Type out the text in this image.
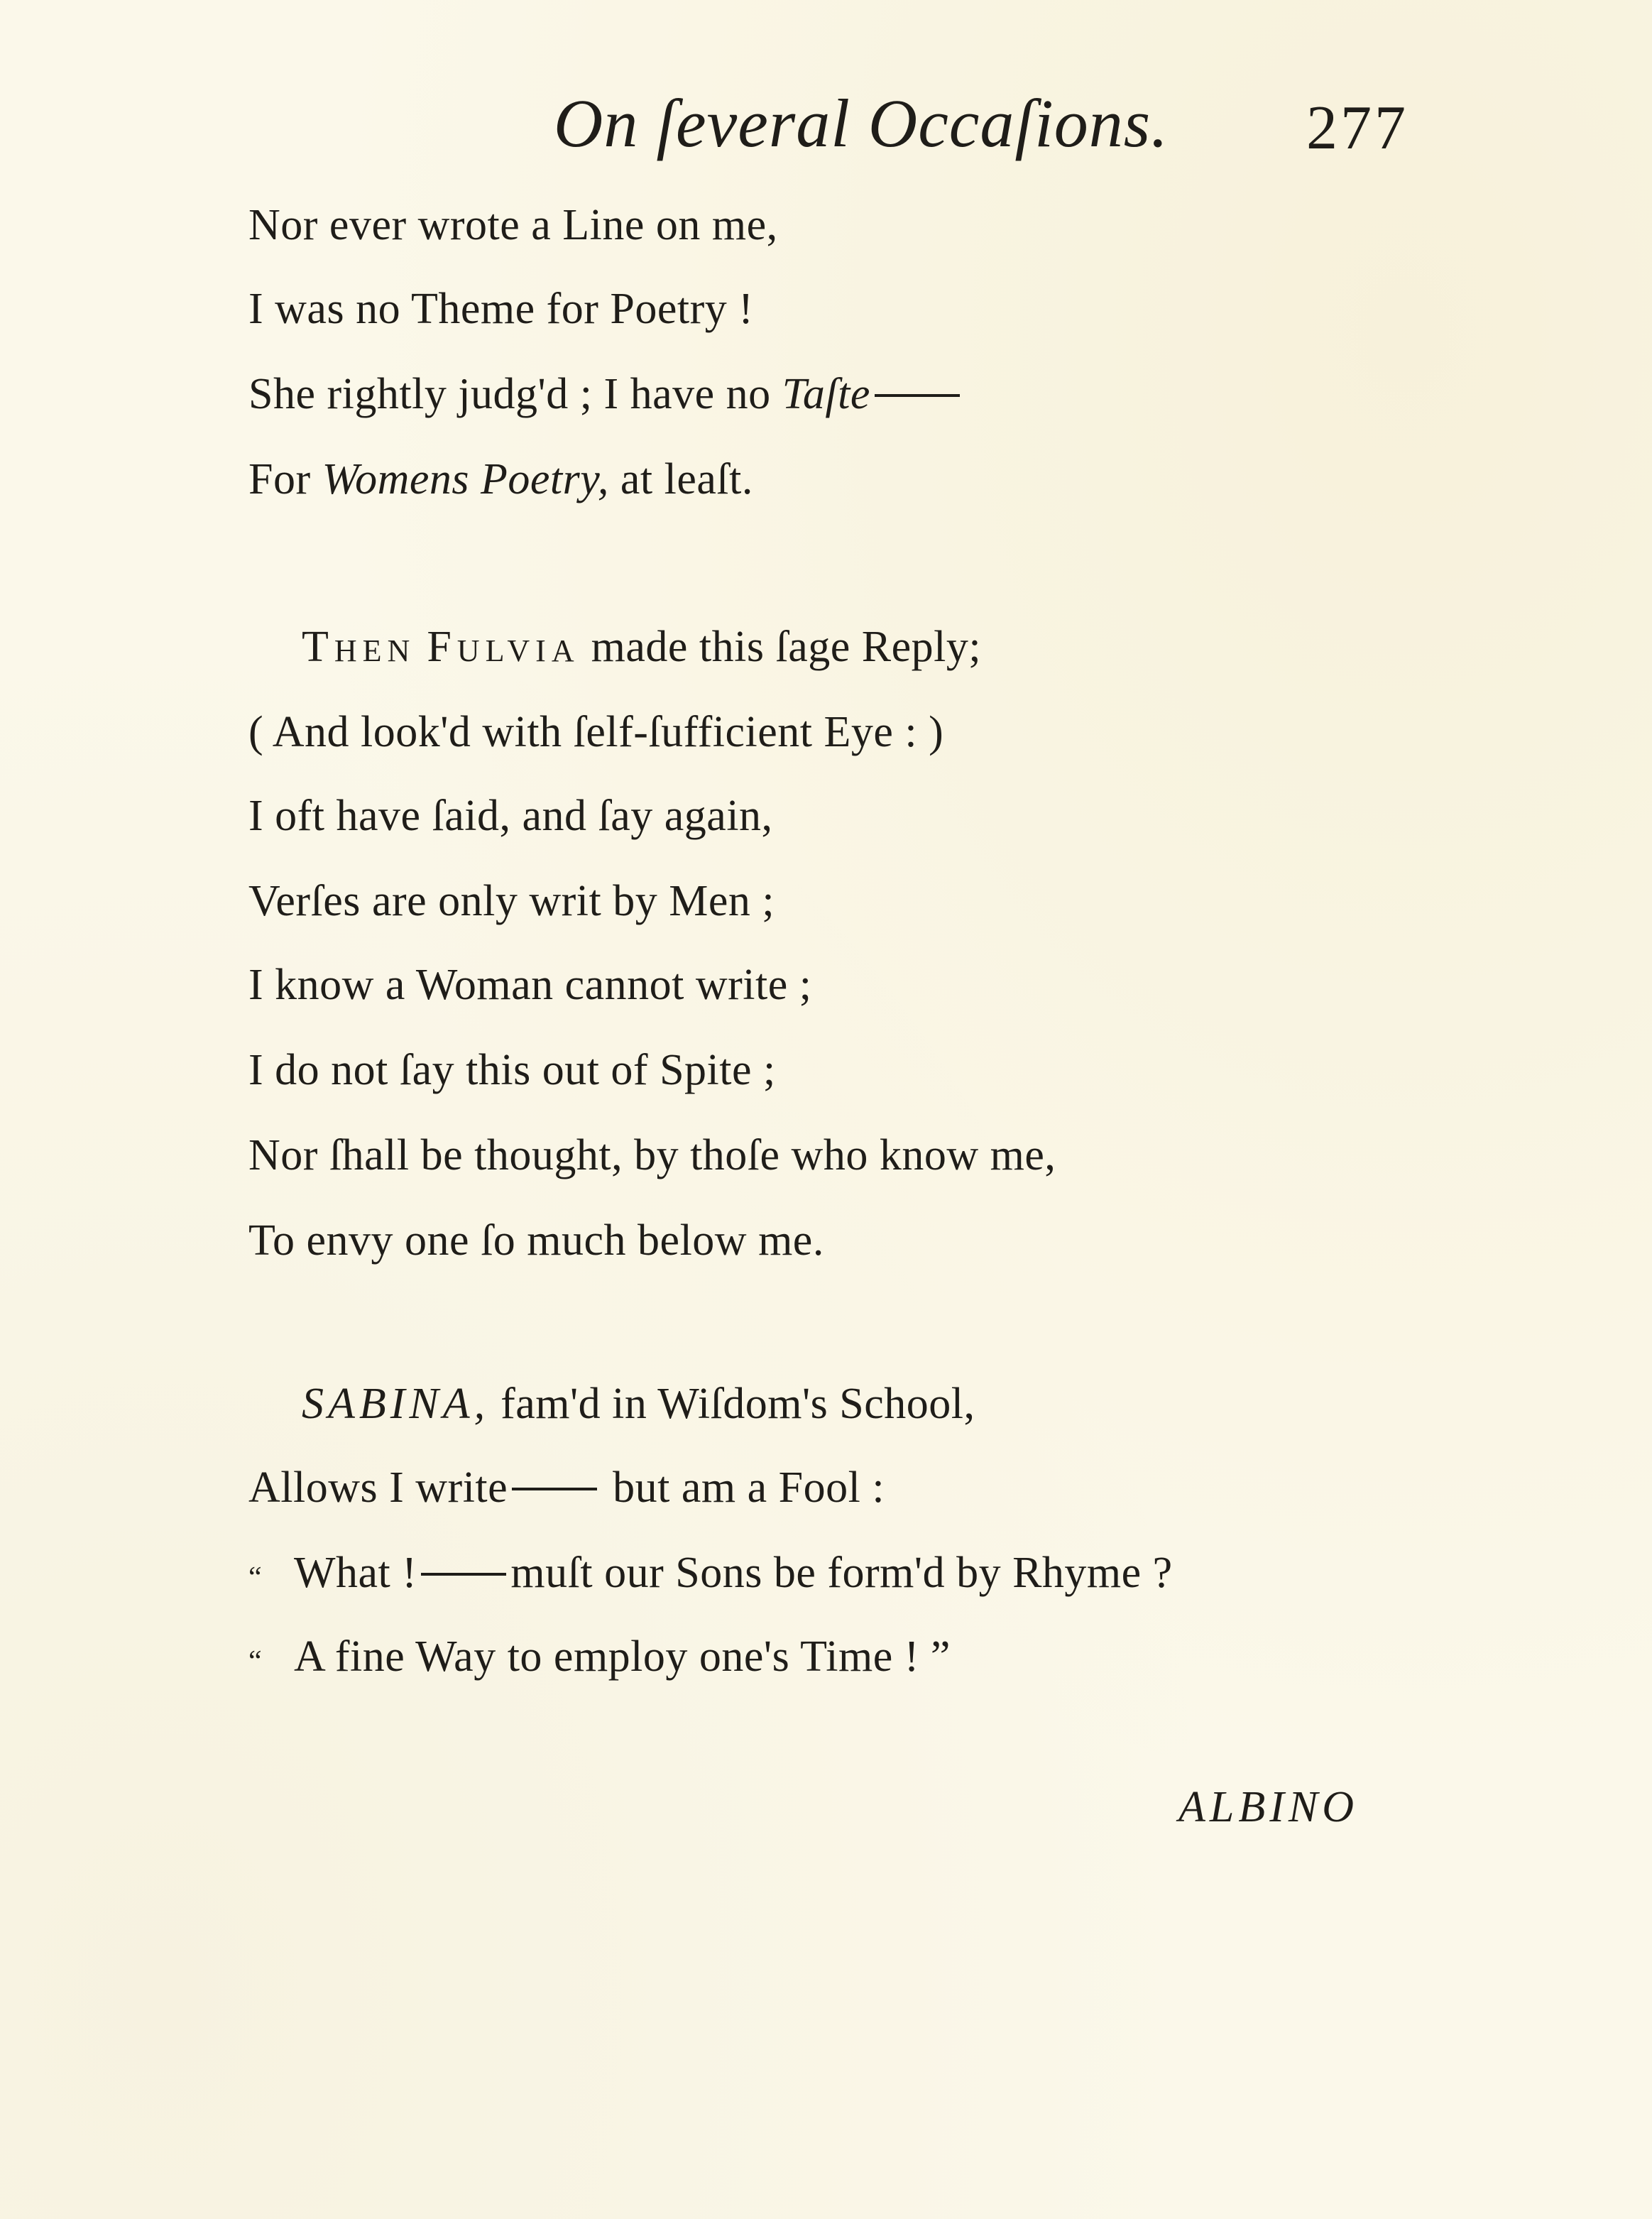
On ſeveral Occaſions. 277
Nor ever wrote a Line on me,
I was no Theme for Poetry !
She rightly judg'd ; I have no Taſte
For Womens Poetry, at leaſt.
THEN FULVIA made this ſage Reply;
( And look'd with ſelf-ſufficient Eye : )
I oft have ſaid, and ſay again,
Verſes are only writ by Men ;
I know a Woman cannot write ;
I do not ſay this out of Spite ;
Nor ſhall be thought, by thoſe who know me,
To envy one ſo much below me.
SABINA, fam'd in Wiſdom's School,
Allows I write but am a Fool :
“ What ! muſt our Sons be form'd by Rhyme ?
“ A fine Way to employ one's Time ! ”
ALBINO
